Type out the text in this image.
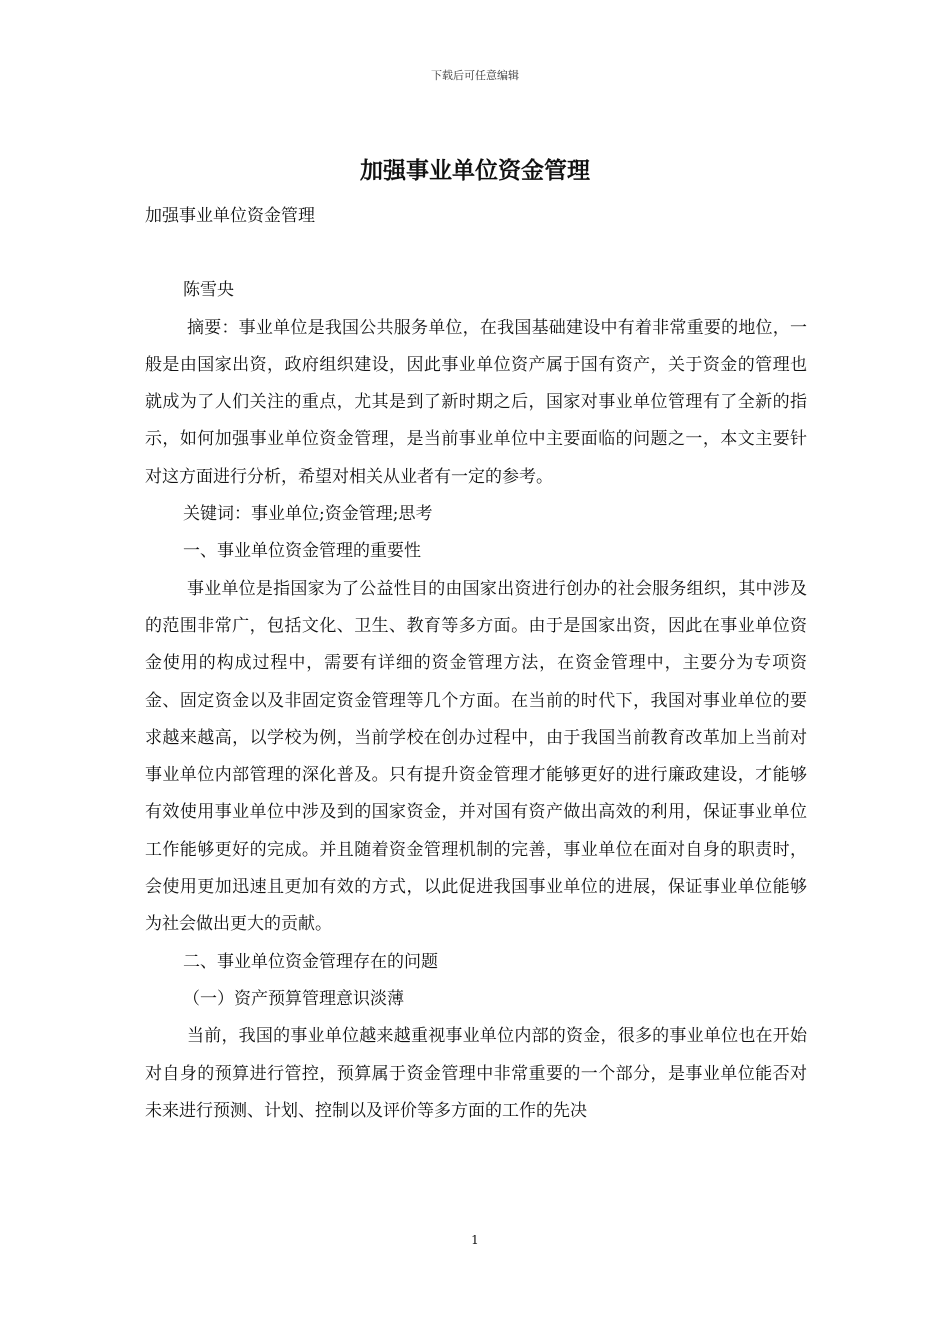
下载后可任意编辑
加强事业单位资金管理

加强事业单位资金管理

陈雪央

摘要：事业单位是我国公共服务单位，在我国基础建设中有着非常重要的地位，一般是由国家出资，政府组织建设，因此事业单位资产属于国有资产，关于资金的管理也就成为了人们关注的重点，尤其是到了新时期之后，国家对事业单位管理有了全新的指示，如何加强事业单位资金管理，是当前事业单位中主要面临的问题之一，本文主要针对这方面进行分析，希望对相关从业者有一定的参考。

关键词：事业单位;资金管理;思考

一、事业单位资金管理的重要性

事业单位是指国家为了公益性目的由国家出资进行创办的社会服务组织，其中涉及的范围非常广，包括文化、卫生、教育等多方面。由于是国家出资，因此在事业单位资金使用的构成过程中，需要有详细的资金管理方法，在资金管理中，主要分为专项资金、固定资金以及非固定资金管理等几个方面。在当前的时代下，我国对事业单位的要求越来越高，以学校为例，当前学校在创办过程中，由于我国当前教育改革加上当前对事业单位内部管理的深化普及。只有提升资金管理才能够更好的进行廉政建设，才能够有效使用事业单位中涉及到的国家资金，并对国有资产做出高效的利用，保证事业单位工作能够更好的完成。并且随着资金管理机制的完善，事业单位在面对自身的职责时，会使用更加迅速且更加有效的方式，以此促进我国事业单位的进展，保证事业单位能够为社会做出更大的贡献。

二、事业单位资金管理存在的问题

（一）资产预算管理意识淡薄

当前，我国的事业单位越来越重视事业单位内部的资金，很多的事业单位也在开始对自身的预算进行管控，预算属于资金管理中非常重要的一个部分，是事业单位能否对未来进行预测、计划、控制以及评价等多方面的工作的先决

1
